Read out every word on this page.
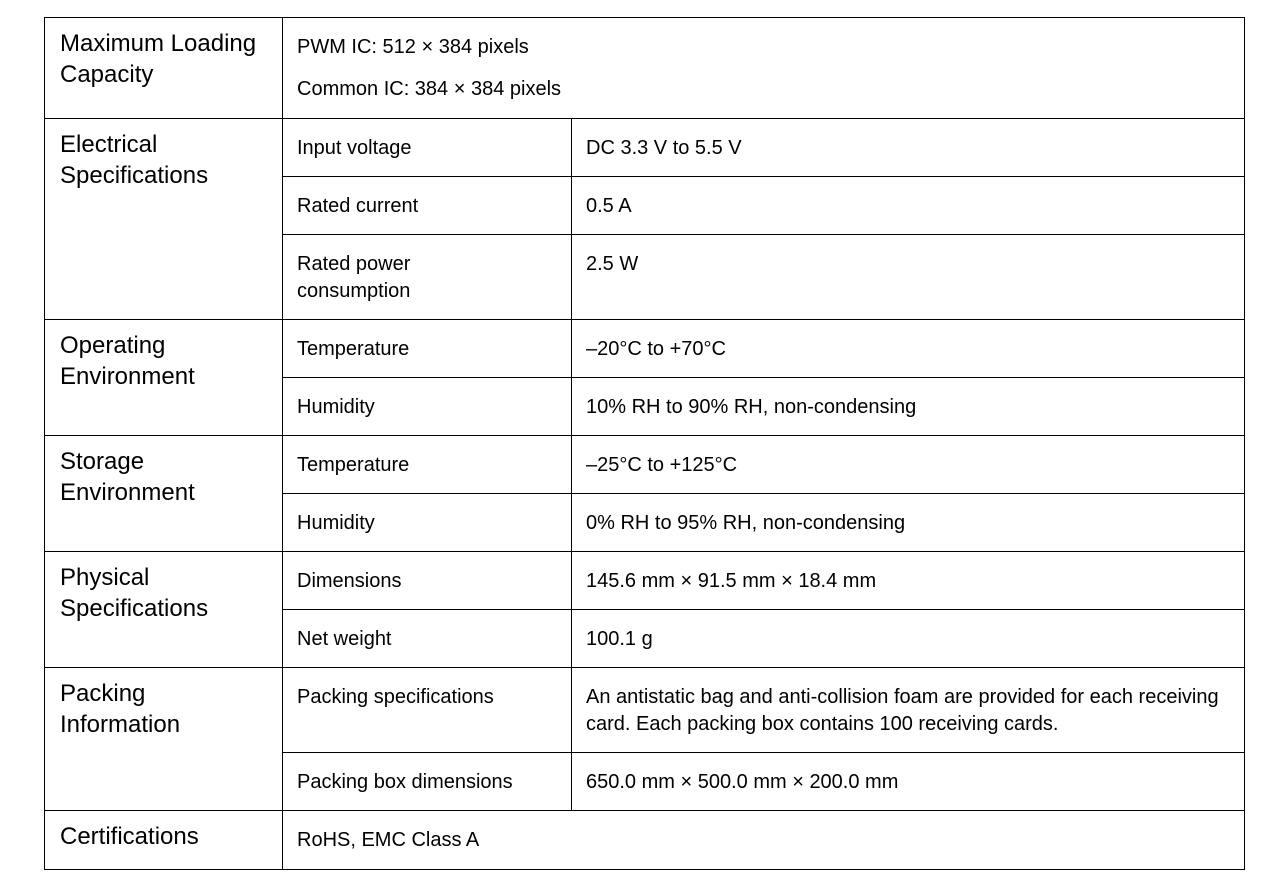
Maximum Loading Capacity	PWM IC: 512 × 384 pixels
Common IC: 384 × 384 pixels	

Electrical Specifications	Input voltage	DC 3.3 V to 5.5 V
	Rated current	0.5 A
	Rated power consumption	2.5 W
Operating Environment	Temperature	–20°C to +70°C
	Humidity	10% RH to 90% RH, non-condensing
Storage Environment	Temperature	–25°C to +125°C
	Humidity	0% RH to 95% RH, non-condensing
Physical Specifications	Dimensions	145.6 mm × 91.5 mm × 18.4 mm
	Net weight	100.1 g
Packing Information	Packing specifications	An antistatic bag and anti-collision foam are provided for each receiving card. Each packing box contains 100 receiving cards.
	Packing box dimensions	650.0 mm × 500.0 mm × 200.0 mm
Certifications	RoHS, EMC Class A	
